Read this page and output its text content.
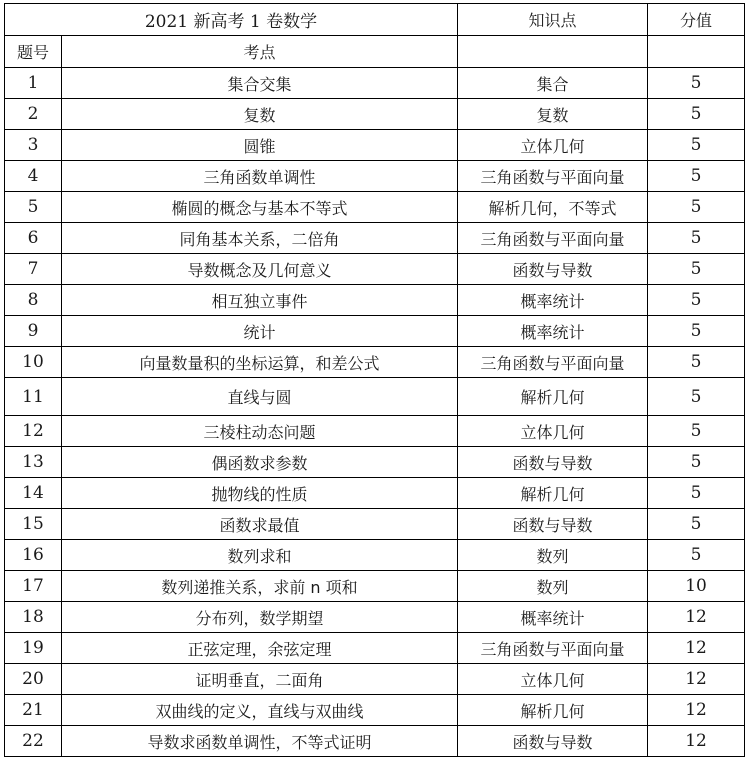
2021 新高考 1 卷数学		知识点	分值
题号	考点		
1	集合交集	集合	5
2	复数	复数	5
3	圆锥	立体几何	5
4	三角函数单调性	三角函数与平面向量	5
5	椭圆的概念与基本不等式	解析几何，不等式	5
6	同角基本关系，二倍角	三角函数与平面向量	5
7	导数概念及几何意义	函数与导数	5
8	相互独立事件	概率统计	5
9	统计	概率统计	5
10	向量数量积的坐标运算，和差公式	三角函数与平面向量	5
11	直线与圆	解析几何	5
12	三棱柱动态问题	立体几何	5
13	偶函数求参数	函数与导数	5
14	抛物线的性质	解析几何	5
15	函数求最值	函数与导数	5
16	数列求和	数列	5
17	数列递推关系，求前 n 项和	数列	10
18	分布列，数学期望	概率统计	12
19	正弦定理，余弦定理	三角函数与平面向量	12
20	证明垂直，二面角	立体几何	12
21	双曲线的定义，直线与双曲线	解析几何	12
22	导数求函数单调性，不等式证明	函数与导数	12
